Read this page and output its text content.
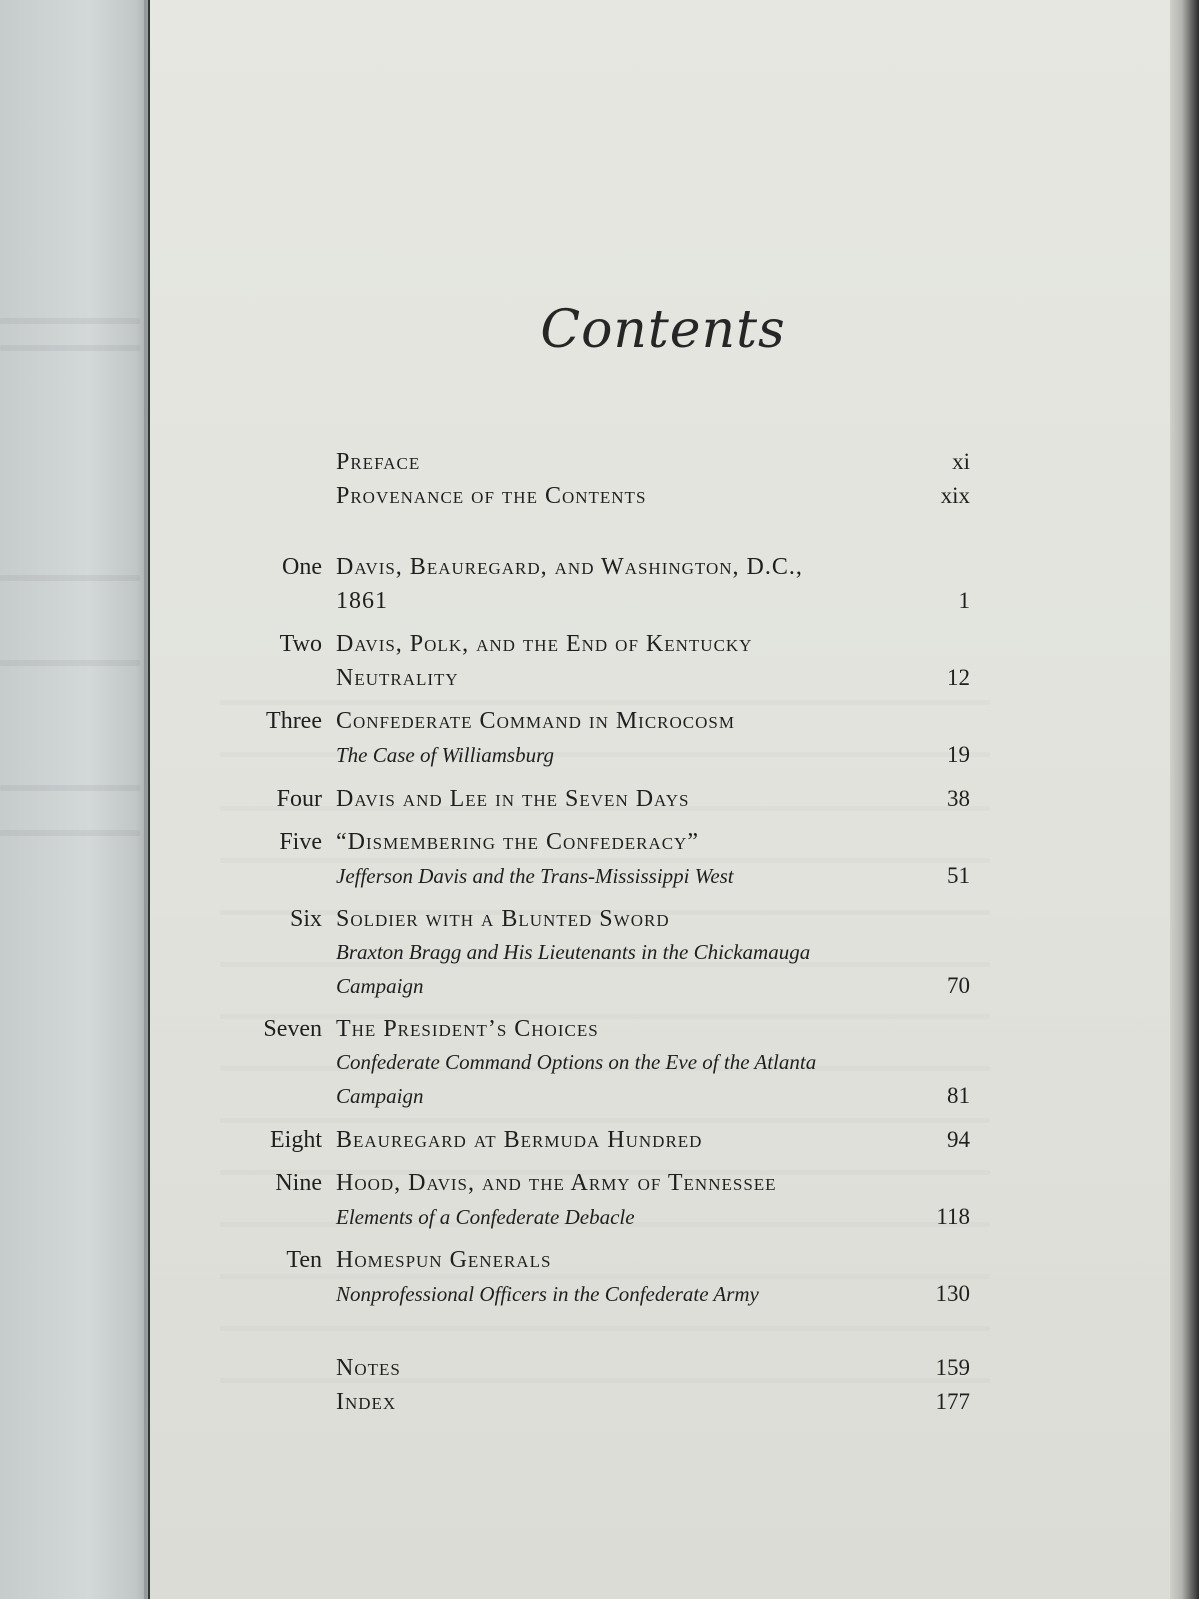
Contents
Preface	xi
Provenance of the Contents	xix
One Davis, Beauregard, and Washington, D.C.,
1861	1
Two Davis, Polk, and the End of Kentucky
Neutrality	12
Three Confederate Command in Microcosm
The Case of Williamsburg	19
Four Davis and Lee in the Seven Days	38
Five “Dismembering the Confederacy”
Jefferson Davis and the Trans-Mississippi West	51
Six Soldier with a Blunted Sword
Braxton Bragg and His Lieutenants in the Chickamauga
Campaign	70
Seven The President’s Choices
Confederate Command Options on the Eve of the Atlanta
Campaign	81
Eight Beauregard at Bermuda Hundred	94
Nine Hood, Davis, and the Army of Tennessee
Elements of a Confederate Debacle	118
Ten Homespun Generals
Nonprofessional Officers in the Confederate Army	130
Notes	159
Index	177
